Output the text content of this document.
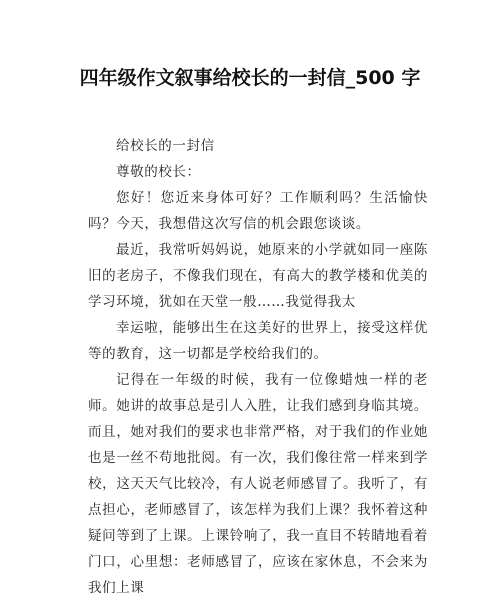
四年级作文叙事给校长的一封信_500 字

给校长的一封信

尊敬的校长：

您好！您近来身体可好？工作顺利吗？生活愉快吗？今天，我想借这次写信的机会跟您谈谈。

最近，我常听妈妈说，她原来的小学就如同一座陈旧的老房子，不像我们现在，有高大的教学楼和优美的学习环境，犹如在天堂一般……我觉得我太

幸运啦，能够出生在这美好的世界上，接受这样优等的教育，这一切都是学校给我们的。

记得在一年级的时候，我有一位像蜡烛一样的老师。她讲的故事总是引人入胜，让我们感到身临其境。而且，她对我们的要求也非常严格，对于我们的作业她也是一丝不苟地批阅。有一次，我们像往常一样来到学校，这天天气比较冷，有人说老师感冒了。我听了，有点担心，老师感冒了，该怎样为我们上课？我怀着这种疑问等到了上课。上课铃响了，我一直目不转睛地看着门口，心里想：老师感冒了，应该在家休息，不会来为我们上课
